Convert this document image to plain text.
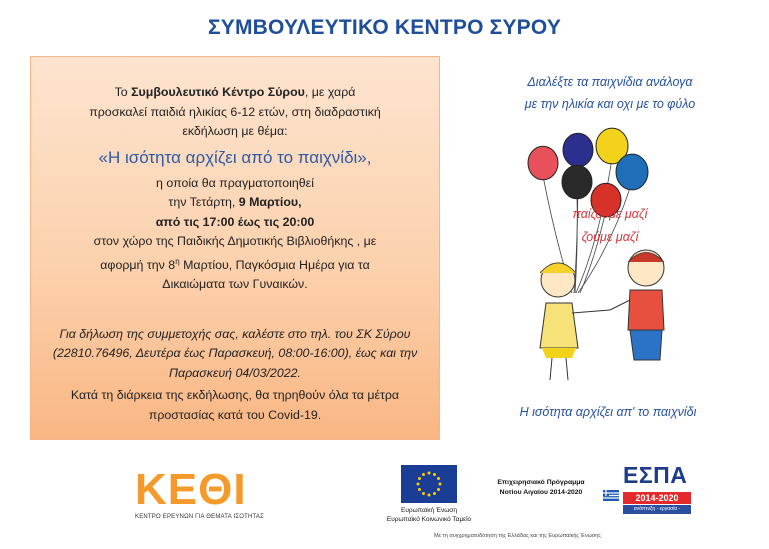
ΣΥΜΒΟΥΛΕΥΤΙΚΟ ΚΕΝΤΡΟ ΣΥΡΟΥ

Το Συμβουλευτικό Κέντρο Σύρου, με χαρά

προσκαλεί παιδιά ηλικίας 6-12 ετών, στη διαδραστική

εκδήλωση με θέμα:

«Η ισότητα αρχίζει από το παιχνίδι»,

η οποία θα πραγματοποιηθεί

την Τετάρτη, 9 Μαρτίου,

από τις 17:00 έως τις 20:00

στον χώρο της Παιδικής Δημοτικής Βιβλιοθήκης , με

αφορμή την $8^\eta$ Μαρτίου, Παγκόσμια Ημέρα για τα

Δικαιώματα των Γυναικών.

Για δήλωση της συμμετοχής σας, καλέστε στο τηλ. του ΣΚ Σύρου (22810.76496, Δευτέρα έως Παρασκευή, 08:00-16:00), έως και την Παρασκευή 04/03/2022.

Κατά τη διάρκεια της εκδήλωσης, θα τηρηθούν όλα τα μέτρα προστασίας κατά του Covid-19.

Διαλέξτε τα παιχνίδια ανάλογα
με την ηλικία και οχι με το φύλο
παίζουμε μαζί
ζούμε μαζί
Η ισότητα αρχίζει απ' το παιχνίδι
ΚΕΘΙ
ΚΕΝΤΡΟ ΕΡΕΥΝΩΝ ΓΙΑ ΘΕΜΑΤΑ ΙΣΟΤΗΤΑΣ
Ευρωπαϊκή Ένωση
Ευρωπαϊκό Κοινωνικό Ταμείο
Επιχειρησιακό Πρόγραμμα
Νοτίου Αιγαίου 2014-2020
ΕΣΠΑ
2014-2020
ανάπτυξη - εργασία - αλληλεγγύη
Με τη συγχρηματοδότηση της Ελλάδας και της Ευρωπαϊκής Ένωσης
